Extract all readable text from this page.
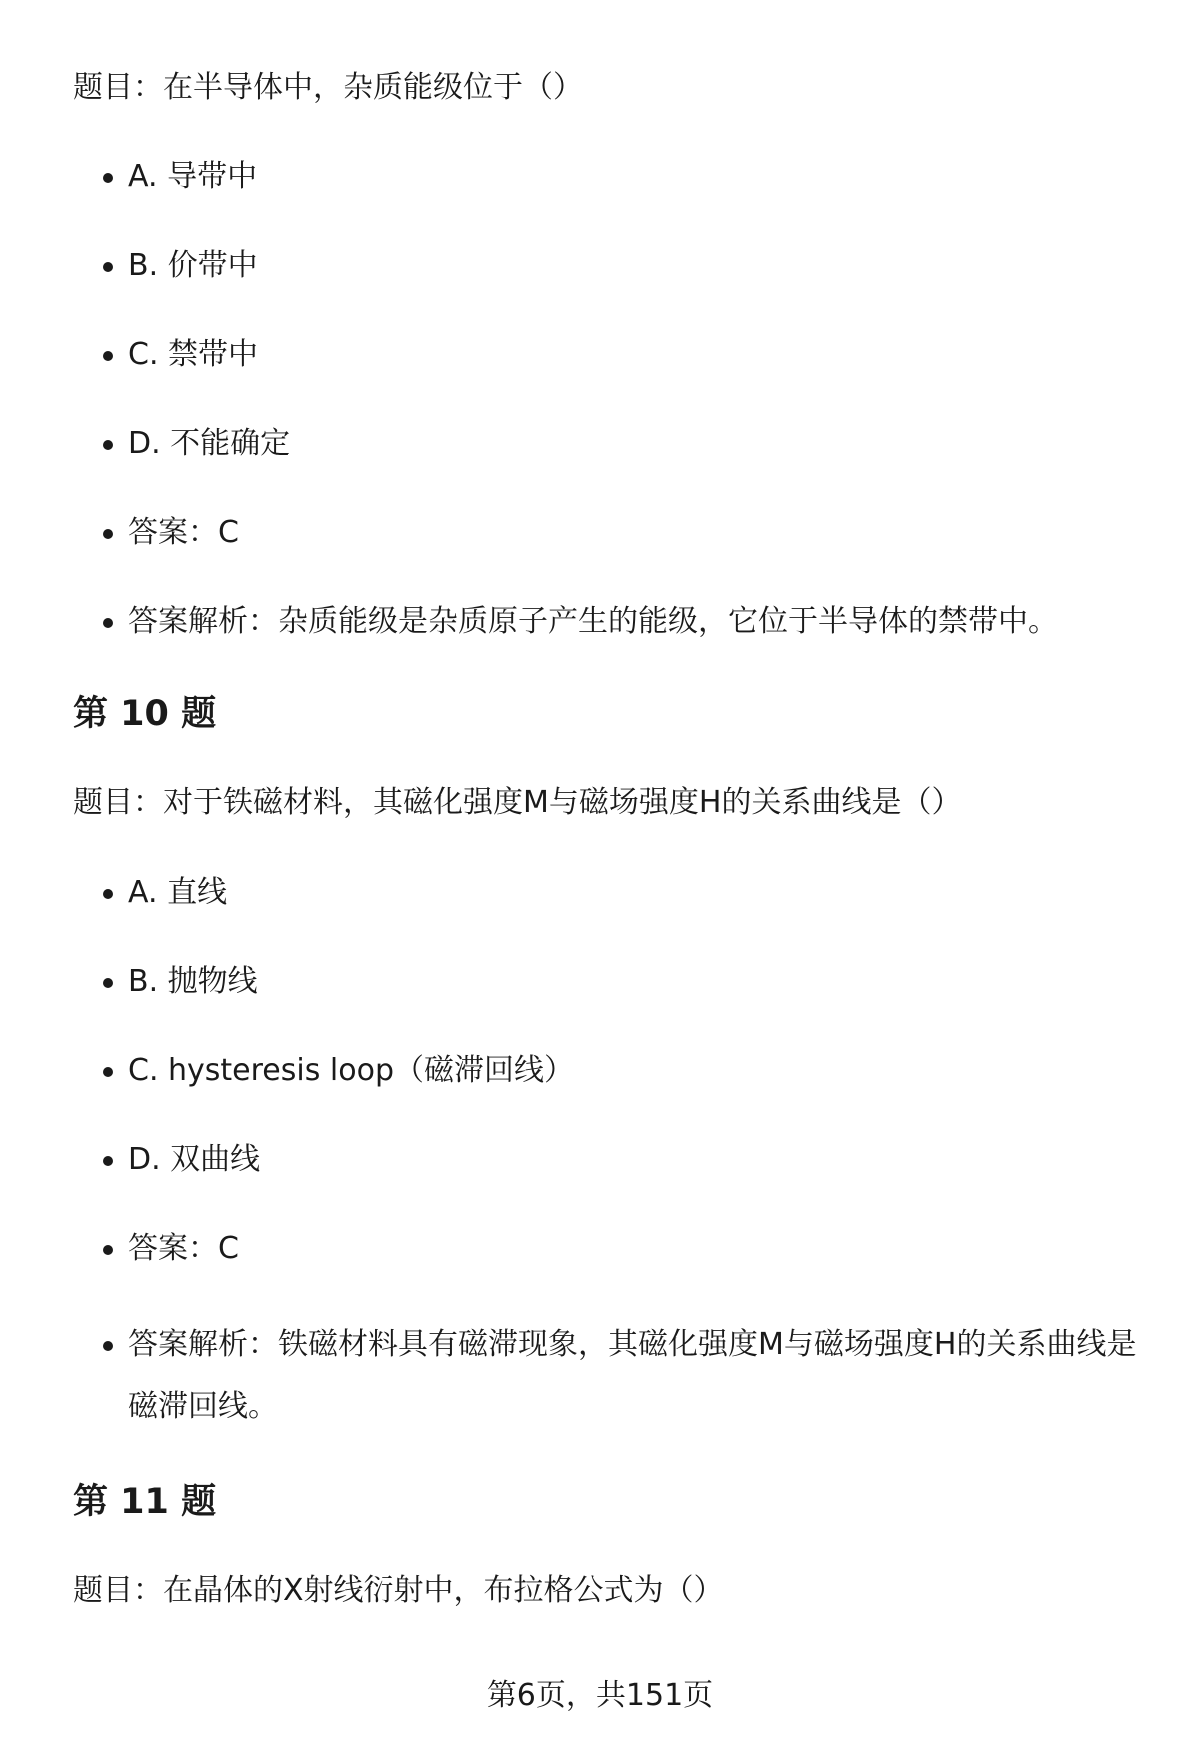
题目：在半导体中，杂质能级位于（）

A. 导带中
B. 价带中
C. 禁带中
D. 不能确定
答案：C
答案解析：杂质能级是杂质原子产生的能级，它位于半导体的禁带中。
第 10 题

题目：对于铁磁材料，其磁化强度M与磁场强度H的关系曲线是（）

A. 直线
B. 抛物线
C. hysteresis loop（磁滞回线）
D. 双曲线
答案：C
答案解析：铁磁材料具有磁滞现象，其磁化强度M与磁场强度H的关系曲线是磁滞回线。
第 11 题

题目：在晶体的X射线衍射中，布拉格公式为（）

第6页，共151页
